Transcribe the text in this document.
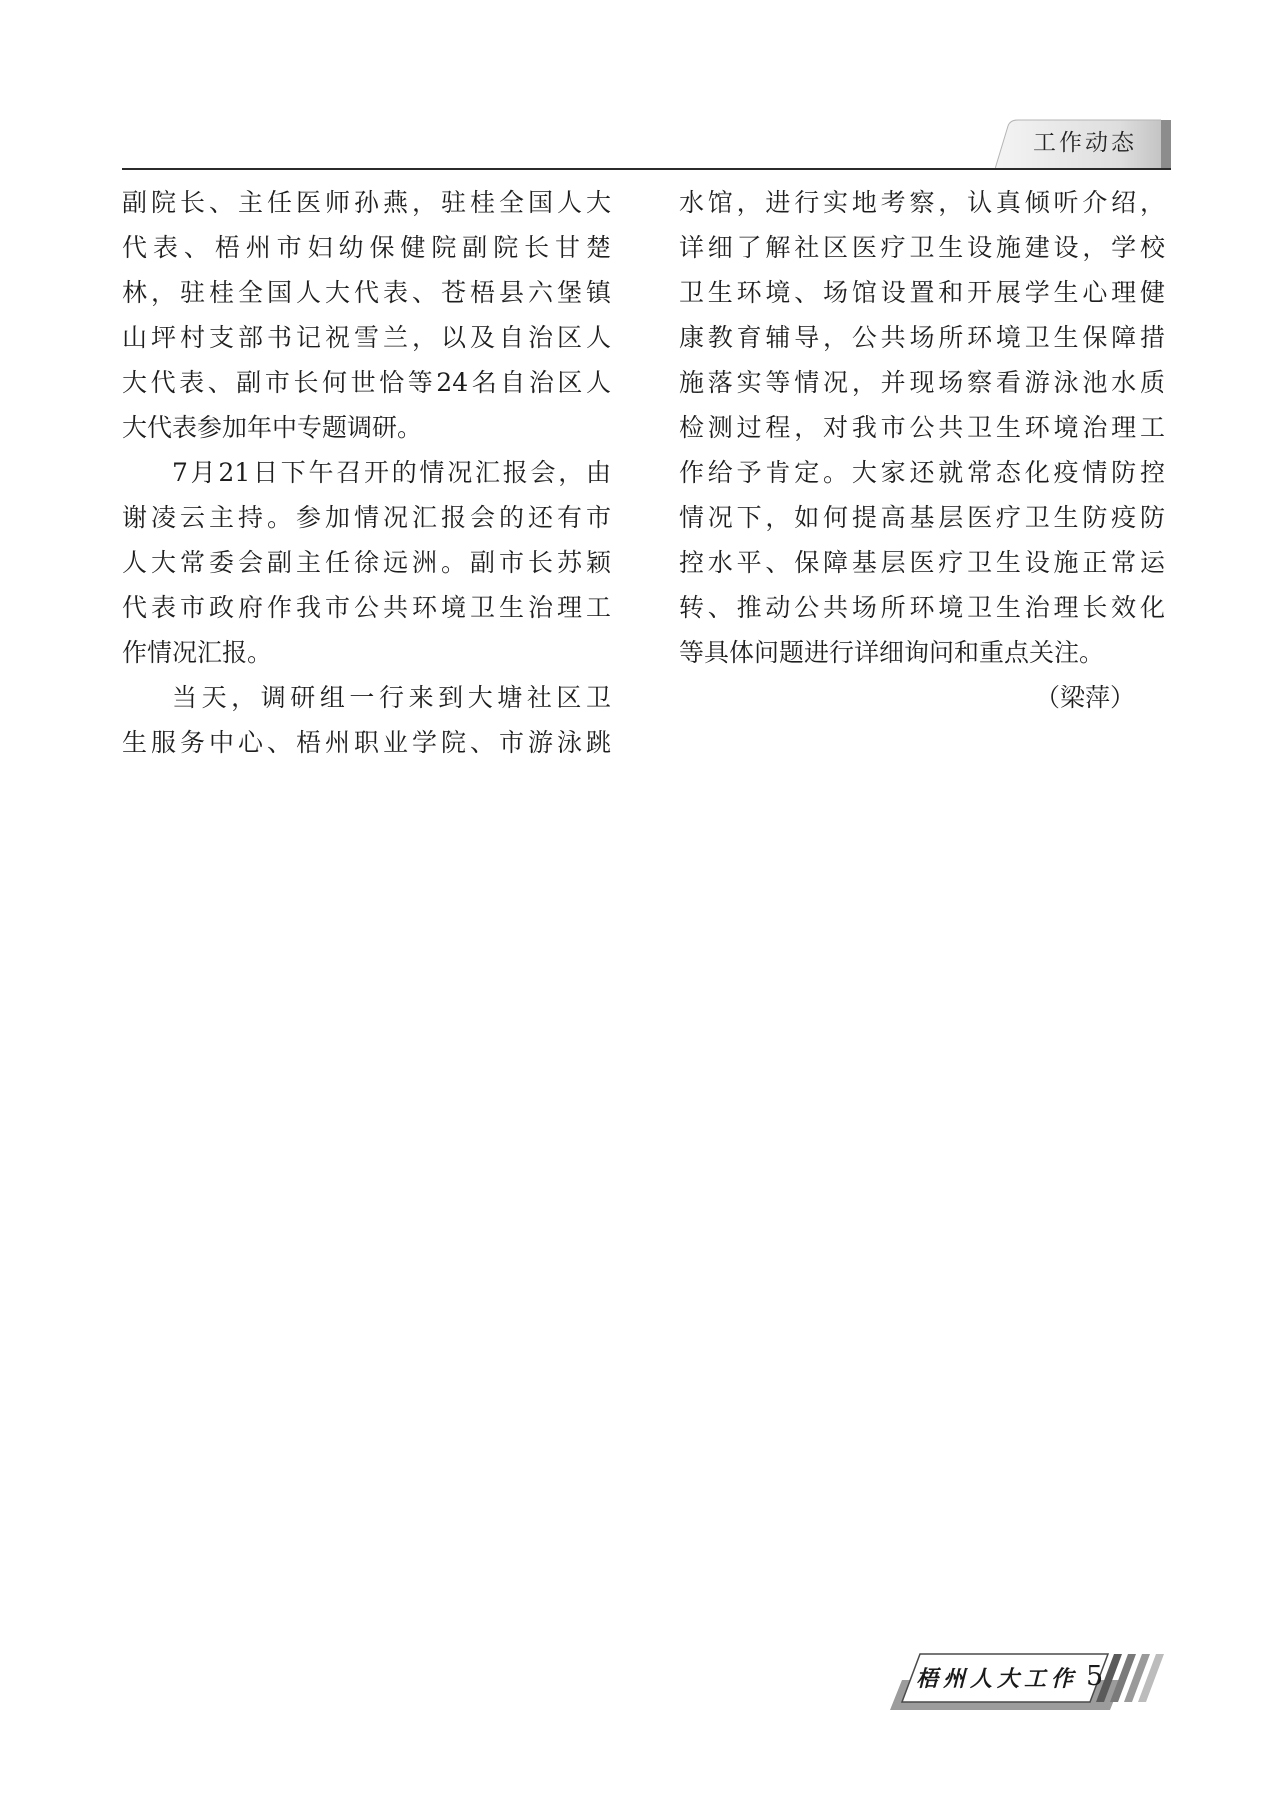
工作动态
副院长、主任医师孙燕，驻桂全国人大
代表、梧州市妇幼保健院副院长甘楚
林，驻桂全国人大代表、苍梧县六堡镇
山坪村支部书记祝雪兰，以及自治区人
大代表、副市长何世恰等24名自治区人
大代表参加年中专题调研。
7月21日下午召开的情况汇报会，由
谢凌云主持。参加情况汇报会的还有市
人大常委会副主任徐远洲。副市长苏颖
代表市政府作我市公共环境卫生治理工
作情况汇报。
当天，调研组一行来到大塘社区卫
生服务中心、梧州职业学院、市游泳跳
水馆，进行实地考察，认真倾听介绍，
详细了解社区医疗卫生设施建设，学校
卫生环境、场馆设置和开展学生心理健
康教育辅导，公共场所环境卫生保障措
施落实等情况，并现场察看游泳池水质
检测过程，对我市公共卫生环境治理工
作给予肯定。大家还就常态化疫情防控
情况下，如何提高基层医疗卫生防疫防
控水平、保障基层医疗卫生设施正常运
转、推动公共场所环境卫生治理长效化
等具体问题进行详细询问和重点关注。
（梁萍）
梧州人大工作 5
